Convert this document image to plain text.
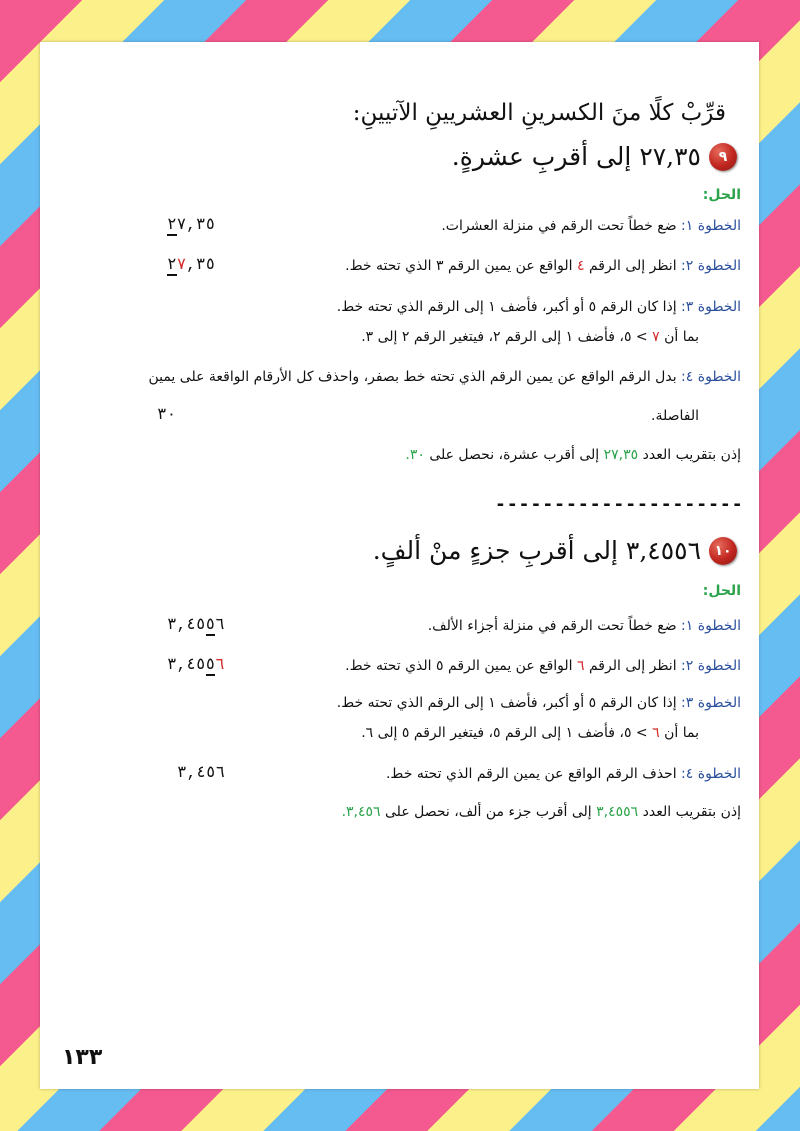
قرِّبْ كلًا منَ الكسرينِ العشريينِ الآتيينِ:
٩
٢٧,٣٥ إلى أقربِ عشرةٍ.
الحل:
الخطوة ١: ضع خطاً تحت الرقم في منزلة العشرات.
٢٧,٣٥
الخطوة ٢: انظر إلى الرقم ٤ الواقع عن يمين الرقم ٣ الذي تحته خط.
٢٧,٣٥
الخطوة ٣: إذا كان الرقم ٥ أو أكبر، فأضف ١ إلى الرقم الذي تحته خط.
بما أن ٧ > ٥، فأضف ١ إلى الرقم ٢، فيتغير الرقم ٢ إلى ٣.
الخطوة ٤: بدل الرقم الواقع عن يمين الرقم الذي تحته خط بصفر، واحذف كل الأرقام الواقعة على يمين
الفاصلة.
٣٠
إذن بتقريب العدد ٢٧,٣٥ إلى أقرب عشرة، نحصل على ٣٠.
---------------------
١٠
٣,٤٥٥٦ إلى أقربِ جزءٍ منْ ألفٍ.
الحل:
الخطوة ١: ضع خطاً تحت الرقم في منزلة أجزاء الألف.
٣,٤٥٥٦
الخطوة ٢: انظر إلى الرقم ٦ الواقع عن يمين الرقم ٥ الذي تحته خط.
٣,٤٥٥٦
الخطوة ٣: إذا كان الرقم ٥ أو أكبر، فأضف ١ إلى الرقم الذي تحته خط.
بما أن ٦ > ٥، فأضف ١ إلى الرقم ٥، فيتغير الرقم ٥ إلى ٦.
الخطوة ٤: احذف الرقم الواقع عن يمين الرقم الذي تحته خط.
٣,٤٥٦
إذن بتقريب العدد ٣,٤٥٥٦ إلى أقرب جزء من ألف، نحصل على ٣,٤٥٦.
١٣٣
